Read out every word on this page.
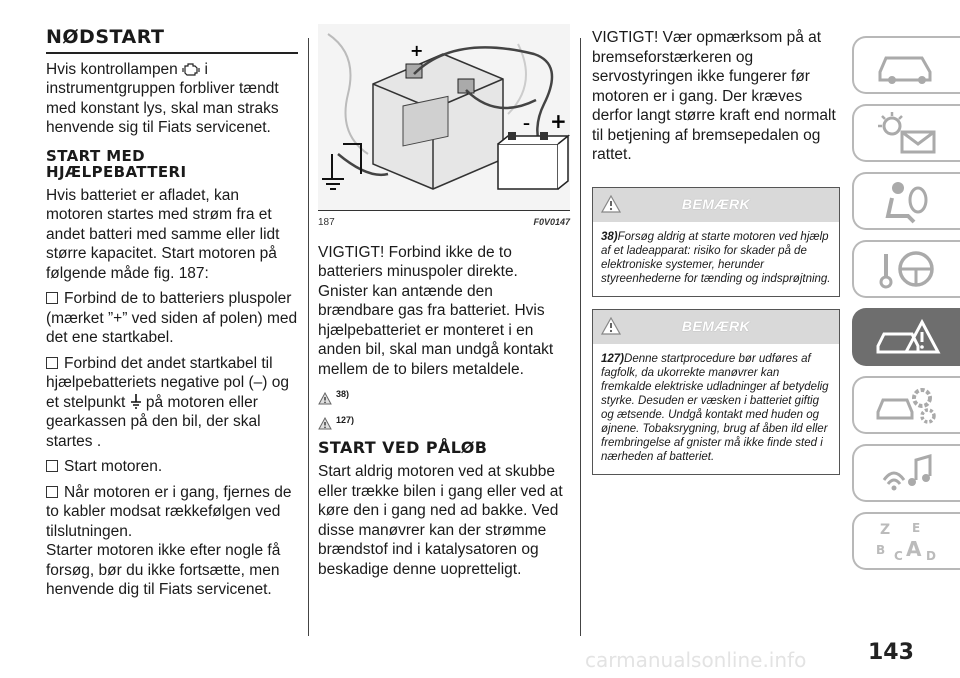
NØDSTART

Hvis kontrollampen i instrumentgruppen forbliver tændt med konstant lys, skal man straks henvende sig til Fiats servicenet.

START MED
HJÆLPEBATTERI

Hvis batteriet er afladet, kan motoren startes med strøm fra et andet batteri med samme eller lidt større kapacitet. Start motoren på følgende måde fig. 187:

Forbind de to batteriers pluspoler (mærket ”+” ved siden af polen) med det ene startkabel.

Forbind det andet startkabel til hjælpebatteriets negative pol (–) og et stelpunkt på motoren eller gearkassen på den bil, der skal startes .

Start motoren.

Når motoren er i gang, fjernes de to kabler modsat rækkefølgen ved tilslutningen.

Starter motoren ikke efter nogle få forsøg, bør du ikke fortsætte, men henvende dig til Fiats servicenet.

+
– +
187	F0V0147

VIGTIGT! Forbind ikke de to batteriers minuspoler direkte. Gnister kan antænde den brændbare gas fra batteriet. Hvis hjælpebatteriet er monteret i en anden bil, skal man undgå kontakt mellem de to bilers metaldele.

38)
127)
START VED PÅLØB

Start aldrig motoren ved at skubbe eller trække bilen i gang eller ved at køre den i gang ned ad bakke. Ved disse manøvrer kan der strømme brændstof ind i katalysatoren og beskadige denne uopretteligt.

VIGTIGT! Vær opmærksom på at bremseforstærkeren og servostyringen ikke fungerer før motoren er i gang. Der kræves derfor langt større kraft end normalt til betjening af bremsepedalen og rattet.

BEMÆRK
38)Forsøg aldrig at starte motoren ved hjælp af et ladeapparat: risiko for skader på de elektroniske systemer, herunder styreenhederne for tænding og indsprøjtning.
BEMÆRK
127)Denne startprocedure bør udføres af fagfolk, da ukorrekte manøvrer kan fremkalde elektriske udladninger af betydelig styrke. Desuden er væsken i batteriet giftig og ætsende. Undgå kontakt med huden og øjnene. Tobaksrygning, brug af åben ild eller frembringelse af gnister må ikke finde sted i nærheden af batteriet.
Z E
B C A D
143
carmanualsonline.info
